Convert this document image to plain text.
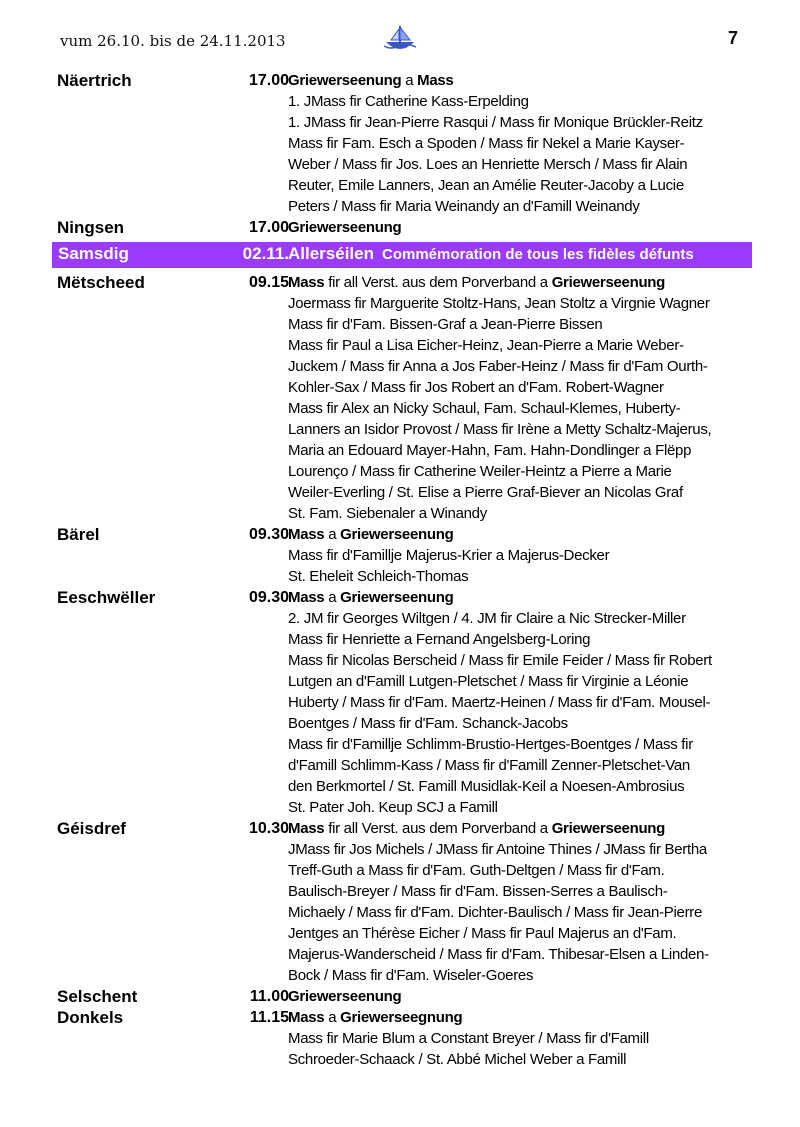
vum 26.10. bis de 24.11.2013	7
Näertrich	17.00 Griewerseenung a Mass
1. JMass fir Catherine Kass-Erpelding
1. JMass fir Jean-Pierre Rasqui / Mass fir Monique Brückler-Reitz
Mass fir Fam. Esch a Spoden / Mass fir Nekel a Marie Kayser-
Weber / Mass fir Jos. Loes an Henriette Mersch / Mass fir Alain
Reuter, Emile Lanners, Jean an Amélie Reuter-Jacoby a Lucie
Peters / Mass fir Maria Weinandy an d'Famill Weinandy
Ningsen	17.00 Griewerseenung
Samsdig	02.11. Allerséilen Commémoration de tous les fidèles défunts
Mëtscheed	09.15 Mass fir all Verst. aus dem Porverband a Griewerseenung
Joermass fir Marguerite Stoltz-Hans, Jean Stoltz a Virgnie Wagner
Mass fir d'Fam. Bissen-Graf a Jean-Pierre Bissen
Mass fir Paul a Lisa Eicher-Heinz, Jean-Pierre a Marie Weber-
Juckem / Mass fir Anna a Jos Faber-Heinz / Mass fir d'Fam Ourth-
Kohler-Sax / Mass fir Jos Robert an d'Fam. Robert-Wagner
Mass fir Alex an Nicky Schaul, Fam. Schaul-Klemes, Huberty-
Lanners an Isidor Provost / Mass fir Irène a Metty Schaltz-Majerus,
Maria an Edouard Mayer-Hahn, Fam. Hahn-Dondlinger a Flëpp
Lourenço / Mass fir Catherine Weiler-Heintz a Pierre a Marie
Weiler-Everling / St. Elise a Pierre Graf-Biever an Nicolas Graf
St. Fam. Siebenaler a Winandy
Bärel	09.30 Mass a Griewerseenung
Mass fir d'Famillje Majerus-Krier a Majerus-Decker
St. Eheleit Schleich-Thomas
Eeschwëller	09.30 Mass a Griewerseenung
2. JM fir Georges Wiltgen / 4. JM fir Claire a Nic Strecker-Miller
Mass fir Henriette a Fernand Angelsberg-Loring
Mass fir Nicolas Berscheid / Mass fir Emile Feider / Mass fir Robert
Lutgen an d'Famill Lutgen-Pletschet / Mass fir Virginie a Léonie
Huberty / Mass fir d'Fam. Maertz-Heinen / Mass fir d'Fam. Mousel-
Boentges / Mass fir d'Fam. Schanck-Jacobs
Mass fir d'Famillje Schlimm-Brustio-Hertges-Boentges / Mass fir
d'Famill Schlimm-Kass / Mass fir d'Famill Zenner-Pletschet-Van
den Berkmortel / St. Famill Musidlak-Keil a Noesen-Ambrosius
St. Pater Joh. Keup SCJ a Famill
Géisdref	10.30 Mass fir all Verst. aus dem Porverband a Griewerseenung
JMass fir Jos Michels / JMass fir Antoine Thines / JMass fir Bertha
Treff-Guth a Mass fir d'Fam. Guth-Deltgen / Mass fir d'Fam.
Baulisch-Breyer / Mass fir d'Fam. Bissen-Serres a Baulisch-
Michaely / Mass fir d'Fam. Dichter-Baulisch / Mass fir Jean-Pierre
Jentges an Thérèse Eicher / Mass fir Paul Majerus an d'Fam.
Majerus-Wanderscheid / Mass fir d'Fam. Thibesar-Elsen a Linden-
Bock / Mass fir d'Fam. Wiseler-Goeres
Selschent	11.00 Griewerseenung
Donkels	11.15 Mass a Griewerseegnung
Mass fir Marie Blum a Constant Breyer / Mass fir d'Famill
Schroeder-Schaack / St. Abbé Michel Weber a Famill
